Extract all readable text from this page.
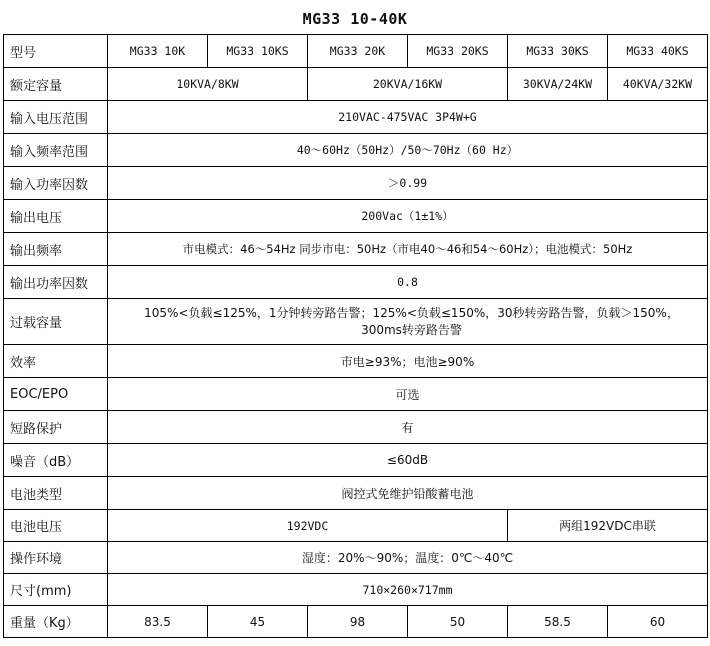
MG33 10-40K
型号	MG33 10K	MG33 10KS	MG33 20K	MG33 20KS	MG33 30KS	MG33 40KS
额定容量	10KVA/8KW		20KVA/16KW		30KVA/24KW	40KVA/32KW
输入电压范围	210VAC-475VAC 3P4W+G					
输入频率范围	40～60Hz（50Hz）/50～70Hz（60 Hz）					
输入功率因数	＞0.99					
输出电压	200Vac（1±1%）					
输出频率	市电模式：46～54Hz 同步市电：50Hz（市电40～46和54～60Hz）；电池模式：50Hz					
输出功率因数	0.8					
过载容量	105%<负载≤125%，1分钟转旁路告警；125%<负载≤150%，30秒转旁路告警，负载＞150%，300ms转旁路告警					
效率	市电≥93%；电池≥90%					
EOC/EPO	可选					
短路保护	有					
噪音（dB）	≤60dB					
电池类型	阀控式免维护铅酸蓄电池					
电池电压	192VDC				两组192VDC串联	
操作环境	湿度：20%～90%；温度：0℃～40℃					
尺寸(mm)	710×260×717mm					
重量（Kg）	83.5	45	98	50	58.5	60
